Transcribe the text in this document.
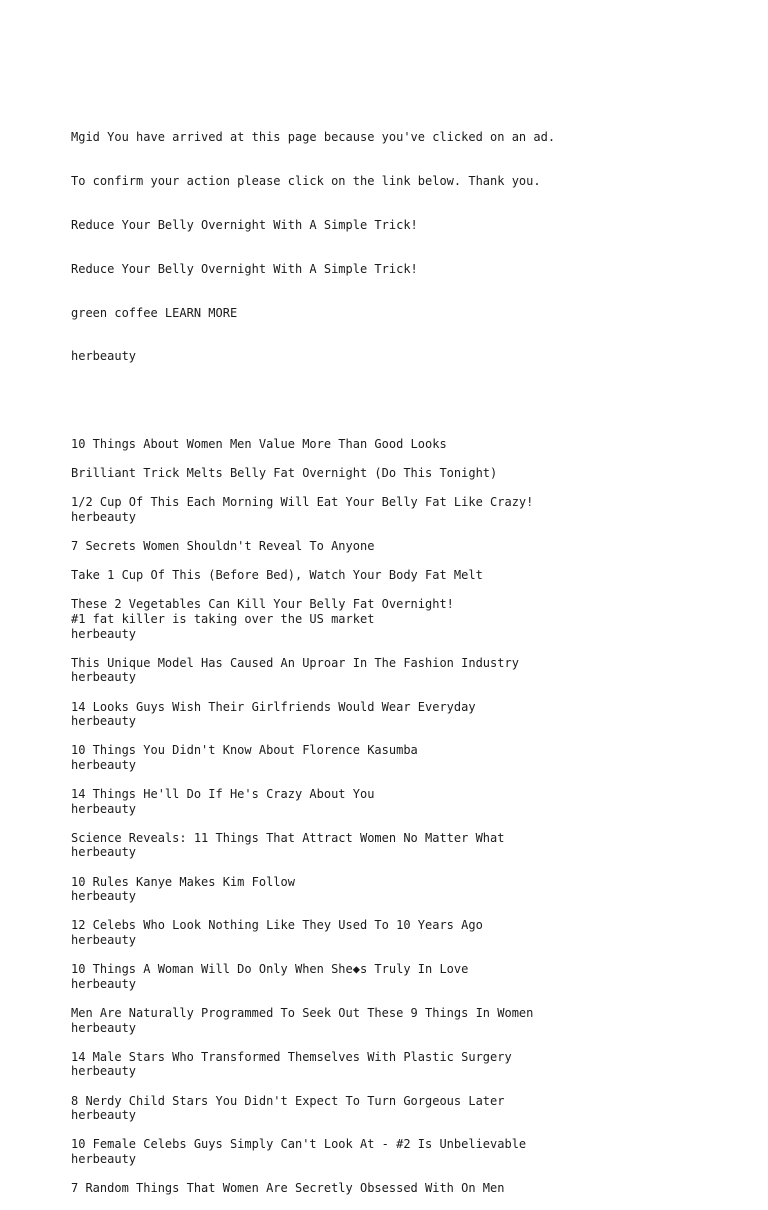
Mgid You have arrived at this page because you've clicked on an ad.

To confirm your action please click on the link below. Thank you.

Reduce Your Belly Overnight With A Simple Trick!

Reduce Your Belly Overnight With A Simple Trick!

green coffee LEARN MORE

herbeauty

10 Things About Women Men Value More Than Good Looks
Brilliant Trick Melts Belly Fat Overnight (Do This Tonight)
1/2 Cup Of This Each Morning Will Eat Your Belly Fat Like Crazy!
herbeauty
7 Secrets Women Shouldn't Reveal To Anyone
Take 1 Cup Of This (Before Bed), Watch Your Body Fat Melt
These 2 Vegetables Can Kill Your Belly Fat Overnight!
#1 fat killer is taking over the US market
herbeauty
This Unique Model Has Caused An Uproar In The Fashion Industry
herbeauty
14 Looks Guys Wish Their Girlfriends Would Wear Everyday
herbeauty
10 Things You Didn't Know About Florence Kasumba
herbeauty
14 Things He'll Do If He's Crazy About You
herbeauty
Science Reveals: 11 Things That Attract Women No Matter What
herbeauty
10 Rules Kanye Makes Kim Follow
herbeauty
12 Celebs Who Look Nothing Like They Used To 10 Years Ago
herbeauty
10 Things A Woman Will Do Only When She◆s Truly In Love
herbeauty
Men Are Naturally Programmed To Seek Out These 9 Things In Women
herbeauty
14 Male Stars Who Transformed Themselves With Plastic Surgery
herbeauty
8 Nerdy Child Stars You Didn't Expect To Turn Gorgeous Later
herbeauty
10 Female Celebs Guys Simply Can't Look At - #2 Is Unbelievable
herbeauty
7 Random Things That Women Are Secretly Obsessed With On Men
